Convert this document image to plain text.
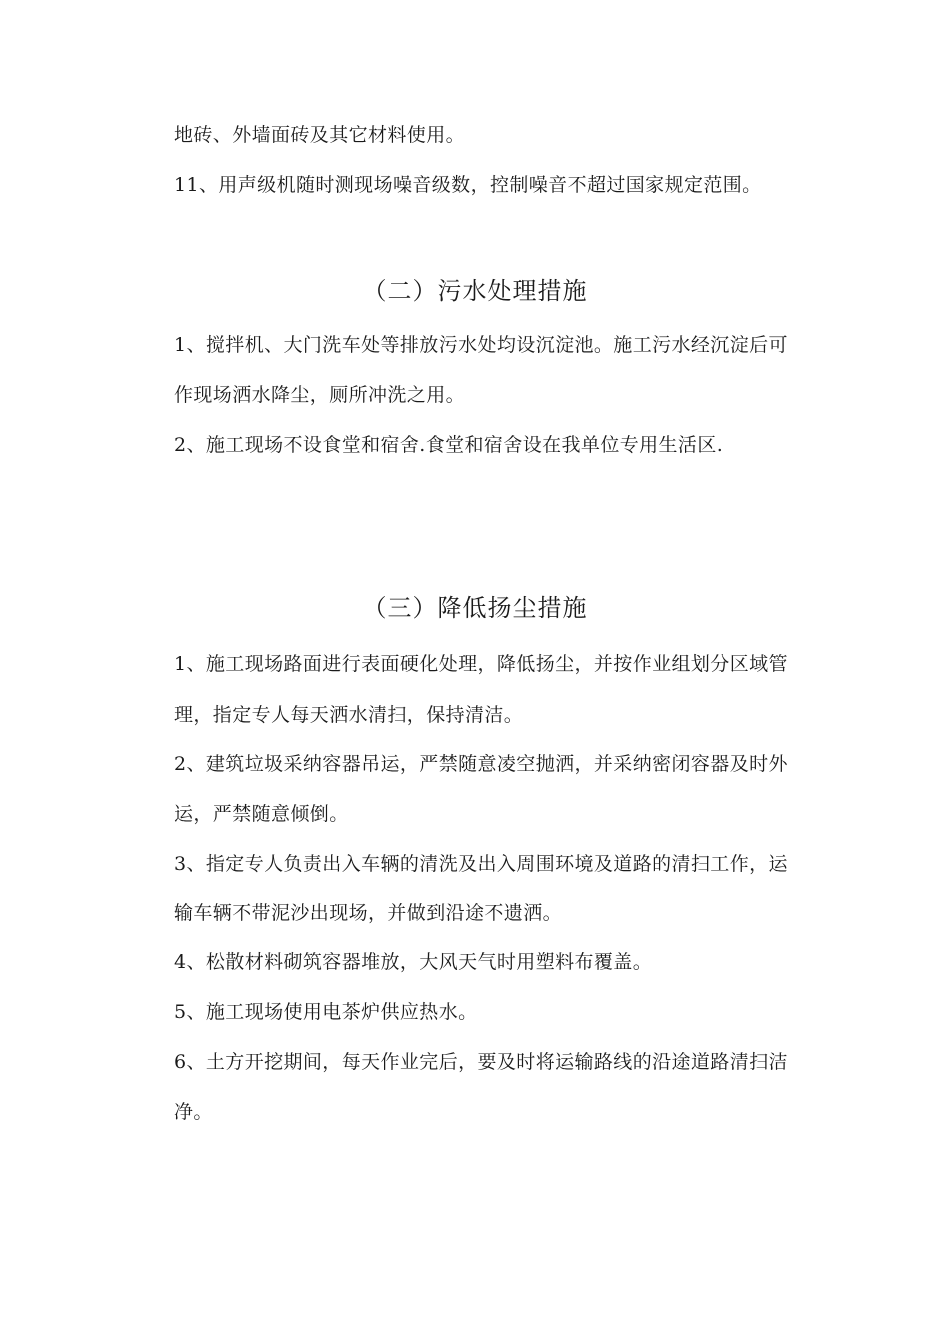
地砖、外墙面砖及其它材料使用。
11、用声级机随时测现场噪音级数，控制噪音不超过国家规定范围。
（二）污水处理措施
1、搅拌机、大门洗车处等排放污水处均设沉淀池。施工污水经沉淀后可
作现场洒水降尘，厕所冲洗之用。
2、施工现场不设食堂和宿舍.食堂和宿舍设在我单位专用生活区.
（三）降低扬尘措施
1、施工现场路面进行表面硬化处理，降低扬尘，并按作业组划分区域管
理，指定专人每天洒水清扫，保持清洁。
2、建筑垃圾采纳容器吊运，严禁随意凌空抛洒，并采纳密闭容器及时外
运，严禁随意倾倒。
3、指定专人负责出入车辆的清洗及出入周围环境及道路的清扫工作，运
输车辆不带泥沙出现场，并做到沿途不遗洒。
4、松散材料砌筑容器堆放，大风天气时用塑料布覆盖。
5、施工现场使用电茶炉供应热水。
6、土方开挖期间，每天作业完后，要及时将运输路线的沿途道路清扫洁
净。
